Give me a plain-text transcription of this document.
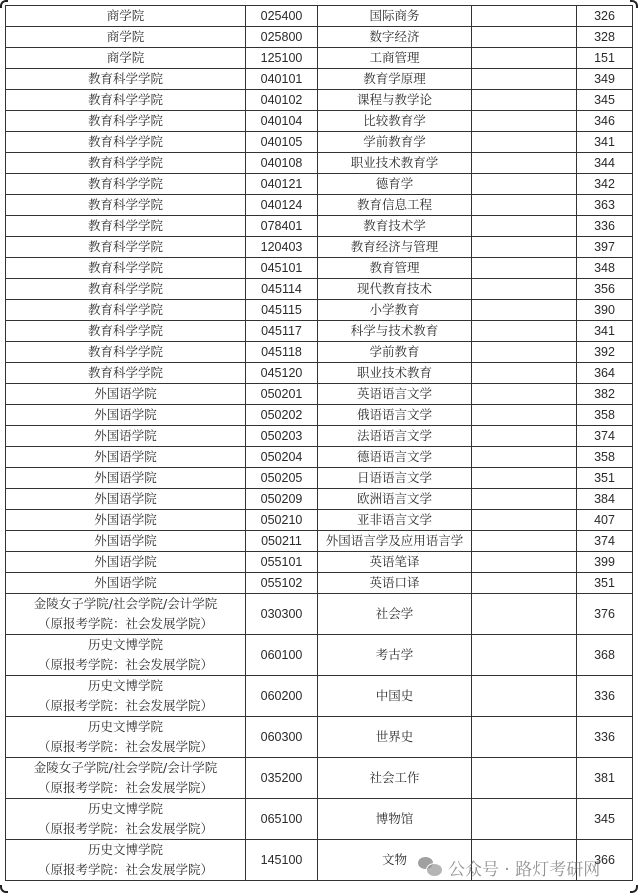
商学院	025400	国际商务		326

商学院	025800	数字经济		328

商学院	125100	工商管理		151

教育科学学院	040101	教育学原理		349

教育科学学院	040102	课程与教学论		345

教育科学学院	040104	比较教育学		346

教育科学学院	040105	学前教育学		341

教育科学学院	040108	职业技术教育学		344

教育科学学院	040121	德育学		342

教育科学学院	040124	教育信息工程		363

教育科学学院	078401	教育技术学		336

教育科学学院	120403	教育经济与管理		397

教育科学学院	045101	教育管理		348

教育科学学院	045114	现代教育技术		356

教育科学学院	045115	小学教育		390

教育科学学院	045117	科学与技术教育		341

教育科学学院	045118	学前教育		392

教育科学学院	045120	职业技术教育		364

外国语学院	050201	英语语言文学		382

外国语学院	050202	俄语语言文学		358

外国语学院	050203	法语语言文学		374

外国语学院	050204	德语语言文学		358

外国语学院	050205	日语语言文学		351

外国语学院	050209	欧洲语言文学		384

外国语学院	050210	亚非语言文学		407

外国语学院	050211	外国语言学及应用语言学		374

外国语学院	055101	英语笔译		399

外国语学院	055102	英语口译		351

金陵女子学院/社会学院/会计学院
（原报考学院：社会发展学院）	030300	社会学		376

历史文博学院
（原报考学院：社会发展学院）	060100	考古学		368

历史文博学院
（原报考学院：社会发展学院）	060200	中国史		336

历史文博学院
（原报考学院：社会发展学院）	060300	世界史		336

金陵女子学院/社会学院/会计学院
（原报考学院：社会发展学院）	035200	社会工作		381

历史文博学院
（原报考学院：社会发展学院）	065100	博物馆		345

历史文博学院
（原报考学院：社会发展学院）	145100	文物		366
公众号 · 路灯考研网
